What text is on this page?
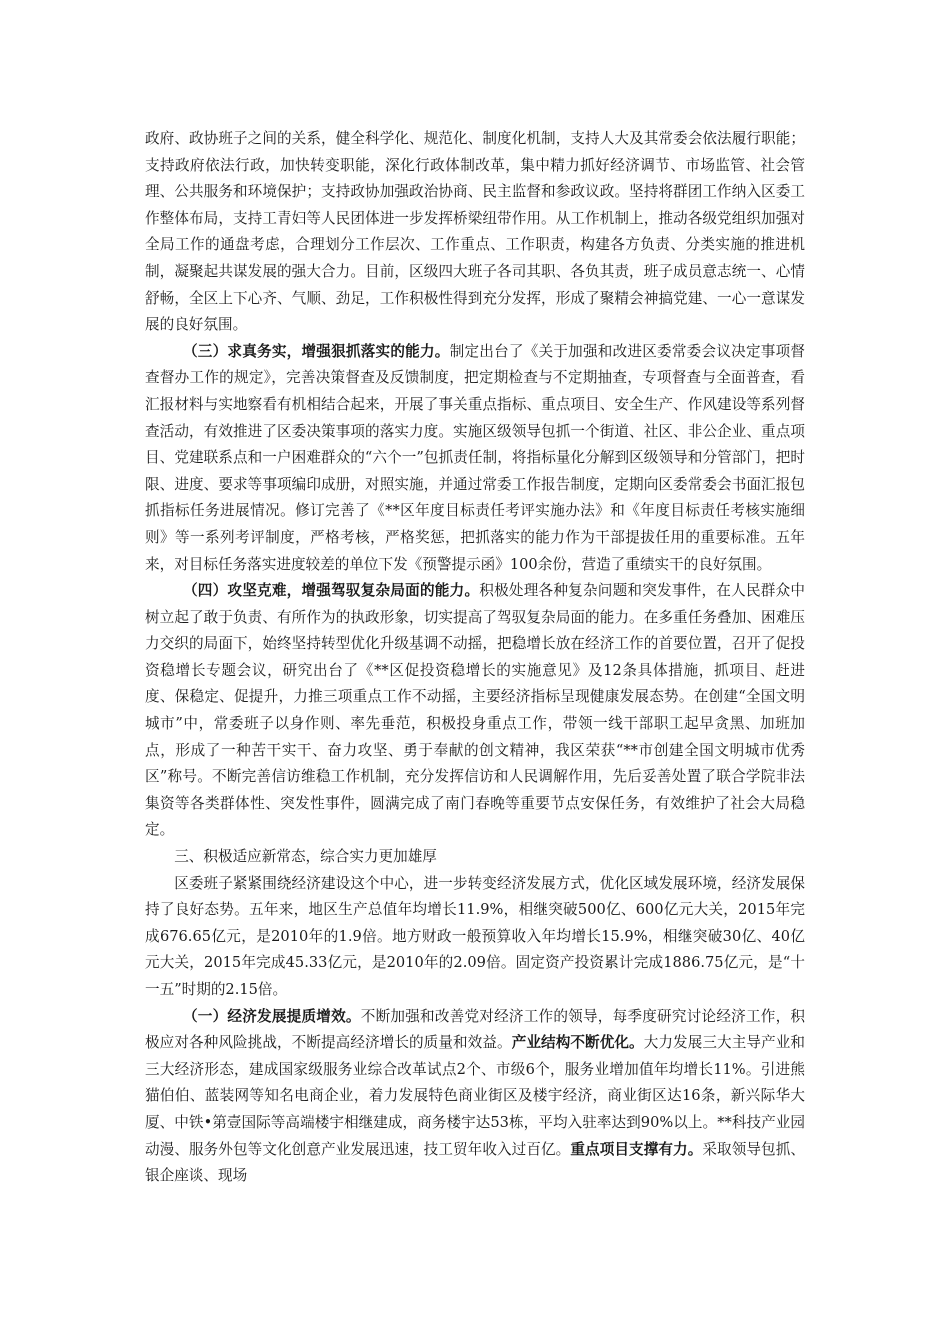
政府、政协班子之间的关系，健全科学化、规范化、制度化机制，支持人大及其常委会依法履行职能；支持政府依法行政，加快转变职能，深化行政体制改革，集中精力抓好经济调节、市场监管、社会管理、公共服务和环境保护；支持政协加强政治协商、民主监督和参政议政。坚持将群团工作纳入区委工作整体布局，支持工青妇等人民团体进一步发挥桥梁纽带作用。从工作机制上，推动各级党组织加强对全局工作的通盘考虑，合理划分工作层次、工作重点、工作职责，构建各方负责、分类实施的推进机制，凝聚起共谋发展的强大合力。目前，区级四大班子各司其职、各负其责，班子成员意志统一、心情舒畅，全区上下心齐、气顺、劲足，工作积极性得到充分发挥，形成了聚精会神搞党建、一心一意谋发展的良好氛围。

（三）求真务实，增强狠抓落实的能力。制定出台了《关于加强和改进区委常委会议决定事项督查督办工作的规定》，完善决策督查及反馈制度，把定期检查与不定期抽查，专项督查与全面普查，看汇报材料与实地察看有机相结合起来，开展了事关重点指标、重点项目、安全生产、作风建设等系列督查活动，有效推进了区委决策事项的落实力度。实施区级领导包抓一个街道、社区、非公企业、重点项目、党建联系点和一户困难群众的“六个一”包抓责任制，将指标量化分解到区级领导和分管部门，把时限、进度、要求等事项编印成册，对照实施，并通过常委工作报告制度，定期向区委常委会书面汇报包抓指标任务进展情况。修订完善了《**区年度目标责任考评实施办法》和《年度目标责任考核实施细则》等一系列考评制度，严格考核，严格奖惩，把抓落实的能力作为干部提拔任用的重要标准。五年来，对目标任务落实进度较差的单位下发《预警提示函》100余份，营造了重绩实干的良好氛围。

（四）攻坚克难，增强驾驭复杂局面的能力。积极处理各种复杂问题和突发事件，在人民群众中树立起了敢于负责、有所作为的执政形象，切实提高了驾驭复杂局面的能力。在多重任务叠加、困难压力交织的局面下，始终坚持转型优化升级基调不动摇，把稳增长放在经济工作的首要位置，召开了促投资稳增长专题会议，研究出台了《**区促投资稳增长的实施意见》及12条具体措施，抓项目、赶进度、保稳定、促提升，力推三项重点工作不动摇，主要经济指标呈现健康发展态势。在创建“全国文明城市”中，常委班子以身作则、率先垂范，积极投身重点工作，带领一线干部职工起早贪黑、加班加点，形成了一种苦干实干、奋力攻坚、勇于奉献的创文精神，我区荣获“**市创建全国文明城市优秀区”称号。不断完善信访维稳工作机制，充分发挥信访和人民调解作用，先后妥善处置了联合学院非法集资等各类群体性、突发性事件，圆满完成了南门春晚等重要节点安保任务，有效维护了社会大局稳定。

三、积极适应新常态，综合实力更加雄厚

区委班子紧紧围绕经济建设这个中心，进一步转变经济发展方式，优化区域发展环境，经济发展保持了良好态势。五年来，地区生产总值年均增长11.9%，相继突破500亿、600亿元大关，2015年完成676.65亿元，是2010年的1.9倍。地方财政一般预算收入年均增长15.9%，相继突破30亿、40亿元大关，2015年完成45.33亿元，是2010年的2.09倍。固定资产投资累计完成1886.75亿元，是“十一五”时期的2.15倍。

（一）经济发展提质增效。不断加强和改善党对经济工作的领导，每季度研究讨论经济工作，积极应对各种风险挑战，不断提高经济增长的质量和效益。产业结构不断优化。大力发展三大主导产业和三大经济形态，建成国家级服务业综合改革试点2个、市级6个，服务业增加值年均增长11%。引进熊猫伯伯、蓝装网等知名电商企业，着力发展特色商业街区及楼宇经济，商业街区达16条，新兴际华大厦、中铁•第壹国际等高端楼宇相继建成，商务楼宇达53栋，平均入驻率达到90%以上。**科技产业园动漫、服务外包等文化创意产业发展迅速，技工贸年收入过百亿。重点项目支撑有力。采取领导包抓、银企座谈、现场
